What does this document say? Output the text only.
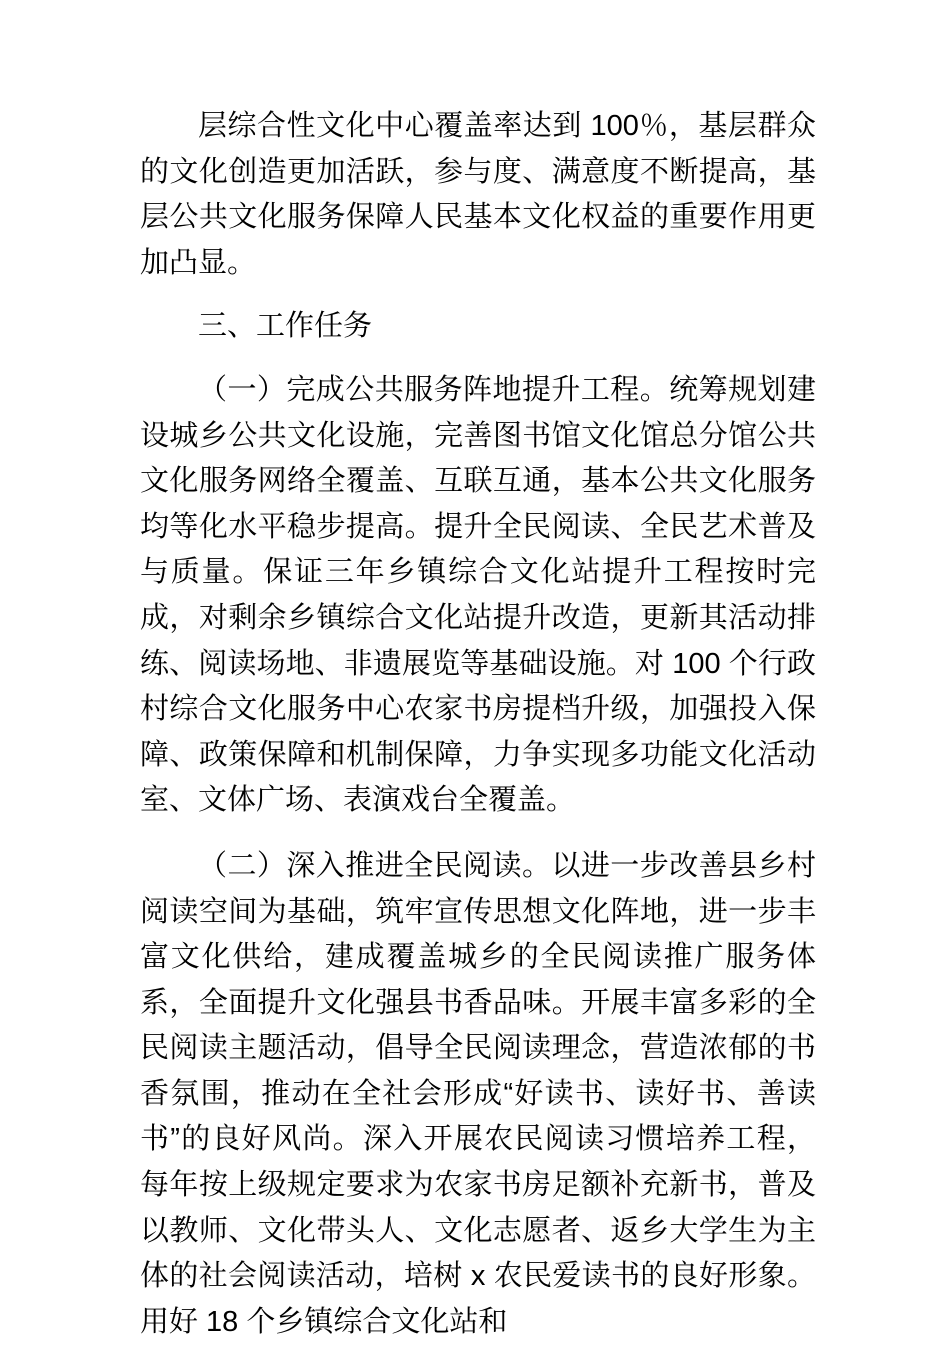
层综合性文化中心覆盖率达到 100％，基层群众的文化创造更加活跃，参与度、满意度不断提高，基层公共文化服务保障人民基本文化权益的重要作用更加凸显。

三、工作任务

（一）完成公共服务阵地提升工程。统筹规划建设城乡公共文化设施，完善图书馆文化馆总分馆公共文化服务网络全覆盖、互联互通，基本公共文化服务均等化水平稳步提高。提升全民阅读、全民艺术普及与质量。保证三年乡镇综合文化站提升工程按时完成，对剩余乡镇综合文化站提升改造，更新其活动排练、阅读场地、非遗展览等基础设施。对 100 个行政村综合文化服务中心农家书房提档升级，加强投入保障、政策保障和机制保障，力争实现多功能文化活动室、文体广场、表演戏台全覆盖。

（二）深入推进全民阅读。以进一步改善县乡村阅读空间为基础，筑牢宣传思想文化阵地，进一步丰富文化供给，建成覆盖城乡的全民阅读推广服务体系，全面提升文化强县书香品味。开展丰富多彩的全民阅读主题活动，倡导全民阅读理念，营造浓郁的书香氛围，推动在全社会形成“好读书、读好书、善读书”的良好风尚。深入开展农民阅读习惯培养工程，每年按上级规定要求为农家书房足额补充新书，普及以教师、文化带头人、文化志愿者、返乡大学生为主体的社会阅读活动，培树 x 农民爱读书的良好形象。用好 18 个乡镇综合文化站和
